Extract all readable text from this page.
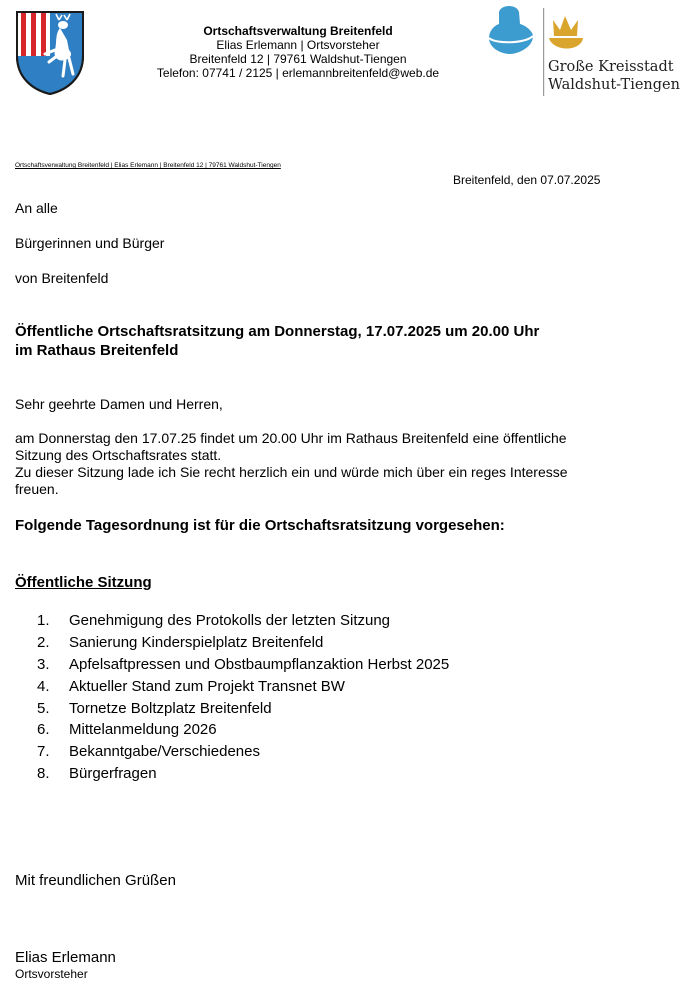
Ortschaftsverwaltung Breitenfeld
Elias Erlemann | Ortsvorsteher
Breitenfeld 12 | 79761 Waldshut-Tiengen
Telefon: 07741 / 2125 | erlemannbreitenfeld@web.de	Große Kreisstadt
Waldshut-Tiengen
Ortschaftsverwaltung Breitenfeld | Elias Erlemann | Breitenfeld 12 | 79761 Waldshut-Tiengen
Breitenfeld, den 07.07.2025
An alle
Bürgerinnen und Bürger
von Breitenfeld
Öffentliche Ortschaftsratsitzung am Donnerstag, 17.07.2025 um 20.00 Uhr
im Rathaus Breitenfeld
Sehr geehrte Damen und Herren,
am Donnerstag den 17.07.25 findet um 20.00 Uhr im Rathaus Breitenfeld eine öffentliche
Sitzung des Ortschaftsrates statt.
Zu dieser Sitzung lade ich Sie recht herzlich ein und würde mich über ein reges Interesse
freuen.
Folgende Tagesordnung ist für die Ortschaftsratsitzung vorgesehen:
Öffentliche Sitzung
1. Genehmigung des Protokolls der letzten Sitzung
2. Sanierung Kinderspielplatz Breitenfeld
3. Apfelsaftpressen und Obstbaumpflanzaktion Herbst 2025
4. Aktueller Stand zum Projekt Transnet BW
5. Tornetze Boltzplatz Breitenfeld
6. Mittelanmeldung 2026
7. Bekanntgabe/Verschiedenes
8. Bürgerfragen
Mit freundlichen Grüßen
Elias Erlemann
Ortsvorsteher
